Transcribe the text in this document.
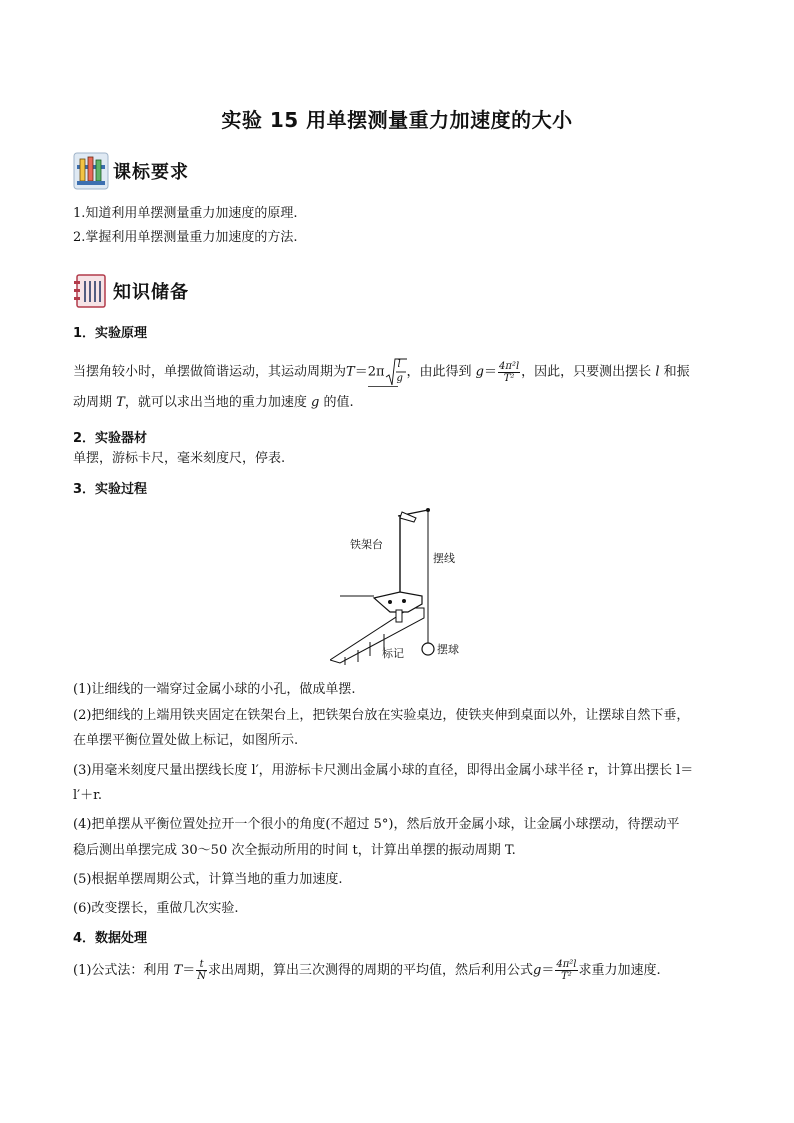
实验 15 用单摆测量重力加速度的大小
课标要求
1.知道利用单摆测量重力加速度的原理.
2.掌握利用单摆测量重力加速度的方法.
知识储备
1．实验原理
当摆角较小时，单摆做简谐运动，其运动周期为T＝2π l
g ，由此得到 $g= \frac{\text{4π²l}}{\text{T²}}$ ，因此，只要测出摆长 l 和振
动周期 T，就可以求出当地的重力加速度 g 的值.
2．实验器材
单摆，游标卡尺，毫米刻度尺，停表.
3．实验过程
铁架台
摆线
标记	摆球
(1)让细线的一端穿过金属小球的小孔，做成单摆.
(2)把细线的上端用铁夹固定在铁架台上，把铁架台放在实验桌边，使铁夹伸到桌面以外，让摆球自然下垂，
在单摆平衡位置处做上标记，如图所示.
(3)用毫米刻度尺量出摆线长度 l′，用游标卡尺测出金属小球的直径，即得出金属小球半径 r，计算出摆长 l＝
l′＋r.
(4)把单摆从平衡位置处拉开一个很小的角度(不超过 5°)，然后放开金属小球，让金属小球摆动，待摆动平
稳后测出单摆完成 30～50 次全振动所用的时间 t，计算出单摆的振动周期 T.
(5)根据单摆周期公式，计算当地的重力加速度.
(6)改变摆长，重做几次实验.
4．数据处理
(1)公式法：利用 $T= \frac{t}{N}$ 求出周期，算出三次测得的周期的平均值，然后利用公式$g= \frac{\text{4π²l}}{\text{T²}}$ 求重力加速度.
